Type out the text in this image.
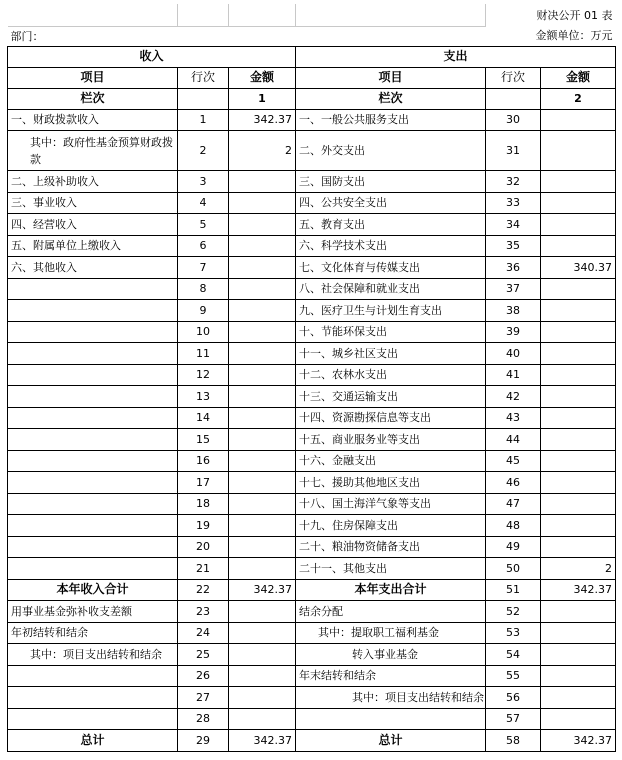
				财决公开 01 表	
部门：				金额单位：万元	
收入			支出		
项目	行次	金额	项目	行次	金额
栏次		1	栏次		2
一、财政拨款收入	1	342.37	一、一般公共服务支出	30	
其中：政府性基金预算财政拨款	2	2	二、外交支出	31	
二、上级补助收入	3		三、国防支出	32	
三、事业收入	4		四、公共安全支出	33	
四、经营收入	5		五、教育支出	34	
五、附属单位上缴收入	6		六、科学技术支出	35	
六、其他收入	7		七、文化体育与传媒支出	36	340.37
	8		八、社会保障和就业支出	37	
	9		九、医疗卫生与计划生育支出	38	
	10		十、节能环保支出	39	
	11		十一、城乡社区支出	40	
	12		十二、农林水支出	41	
	13		十三、交通运输支出	42	
	14		十四、资源勘探信息等支出	43	
	15		十五、商业服务业等支出	44	
	16		十六、金融支出	45	
	17		十七、援助其他地区支出	46	
	18		十八、国土海洋气象等支出	47	
	19		十九、住房保障支出	48	
	20		二十、粮油物资储备支出	49	
	21		二十一、其他支出	50	2
本年收入合计	22	342.37	本年支出合计	51	342.37
用事业基金弥补收支差额	23		结余分配	52	
年初结转和结余	24		其中：提取职工福利基金	53	
其中：项目支出结转和结余	25		转入事业基金	54	
	26		年末结转和结余	55	
	27		其中：项目支出结转和结余	56	
	28			57	
总计	29	342.37	总计	58	342.37
